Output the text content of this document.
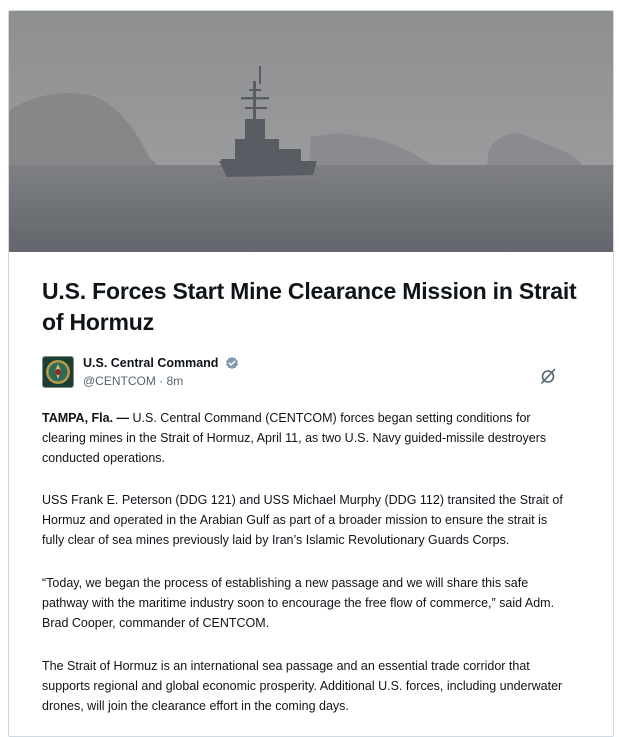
U.S. Forces Start Mine Clearance Mission in Strait of Hormuz
U.S. Central Command
@CENTCOM · 8m

TAMPA, Fla. — U.S. Central Command (CENTCOM) forces began setting conditions for clearing mines in the Strait of Hormuz, April 11, as two U.S. Navy guided-missile destroyers conducted operations.

USS Frank E. Peterson (DDG 121) and USS Michael Murphy (DDG 112) transited the Strait of Hormuz and operated in the Arabian Gulf as part of a broader mission to ensure the strait is fully clear of sea mines previously laid by Iran’s Islamic Revolutionary Guards Corps.

“Today, we began the process of establishing a new passage and we will share this safe pathway with the maritime industry soon to encourage the free flow of commerce,” said Adm. Brad Cooper, commander of CENTCOM.

The Strait of Hormuz is an international sea passage and an essential trade corridor that supports regional and global economic prosperity. Additional U.S. forces, including underwater drones, will join the clearance effort in the coming days.
